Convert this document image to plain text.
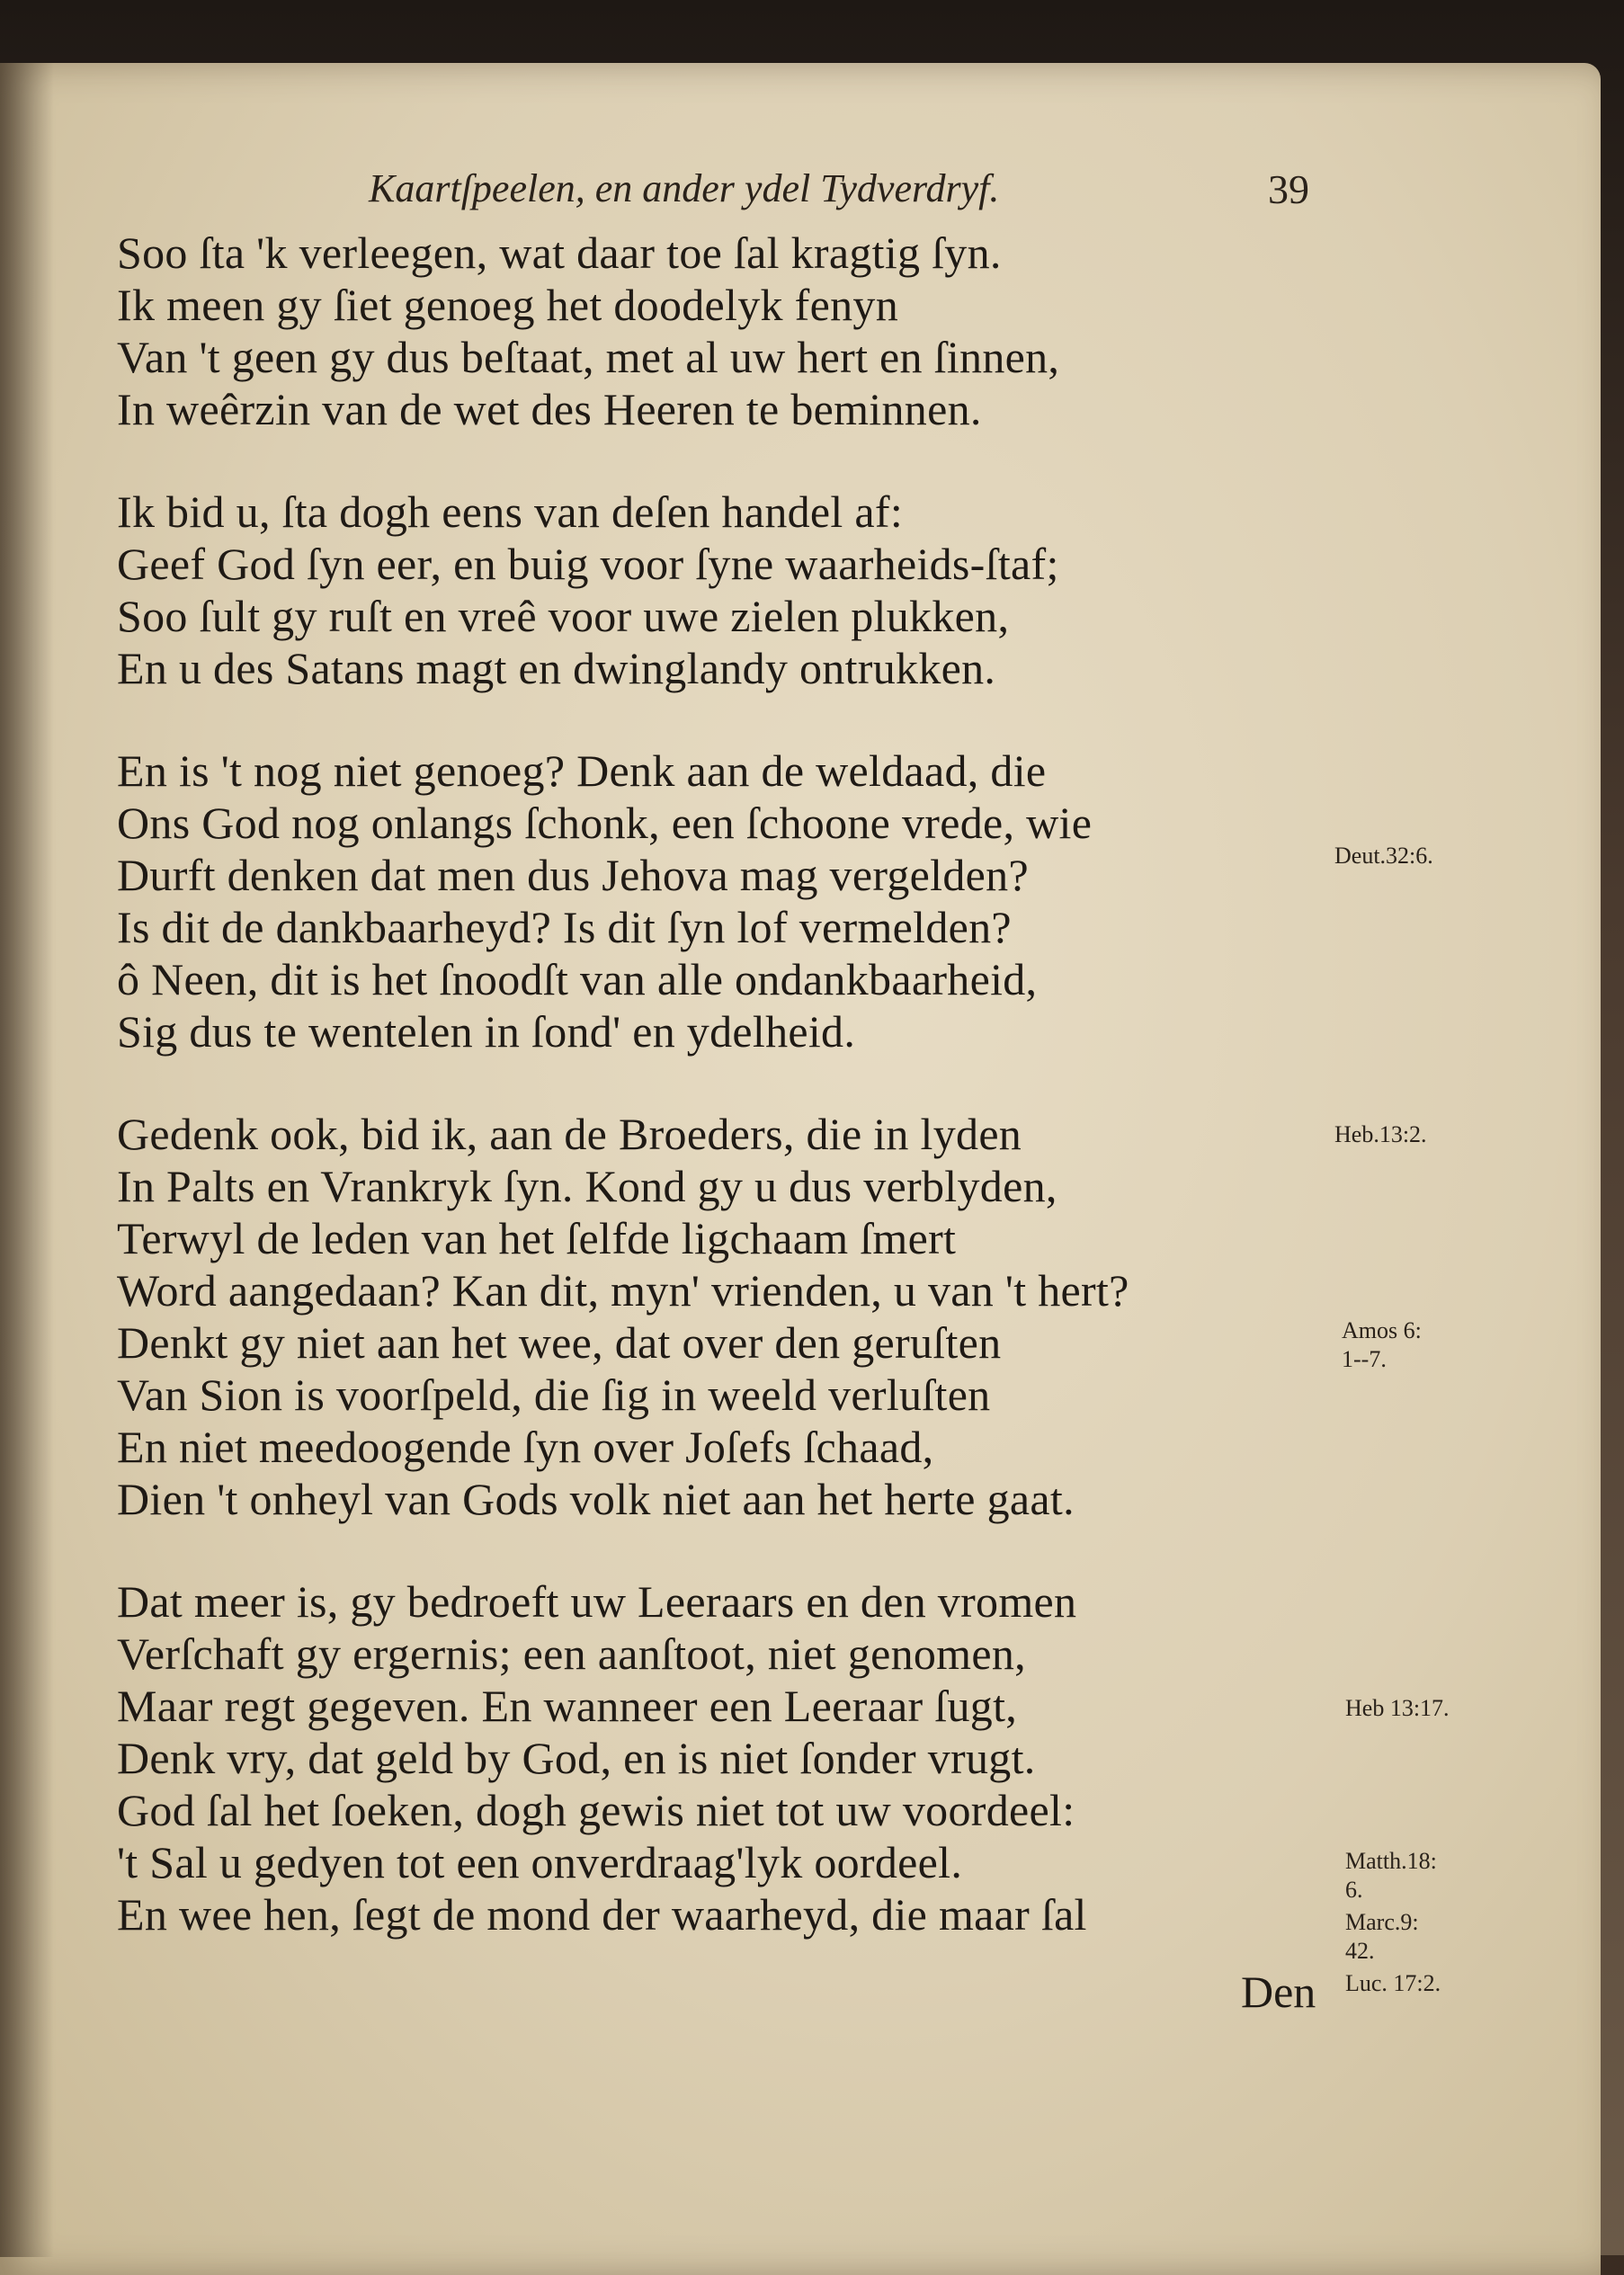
Kaartſpeelen, en ander ydel Tydverdryf.	39
Soo ſta 'k verleegen, wat daar toe ſal kragtig ſyn.
Ik meen gy ſiet genoeg het doodelyk fenyn
Van 't geen gy dus beſtaat, met al uw hert en ſinnen,
In weêrzin van de wet des Heeren te beminnen.
Ik bid u, ſta dogh eens van deſen handel af:
Geef God ſyn eer, en buig voor ſyne waarheids-ſtaf;
Soo ſult gy ruſt en vreê voor uwe zielen plukken,
En u des Satans magt en dwinglandy ontrukken.
En is 't nog niet genoeg? Denk aan de weldaad, die
Ons God nog onlangs ſchonk, een ſchoone vrede, wie
Durft denken dat men dus Jehova mag vergelden?
Is dit de dankbaarheyd? Is dit ſyn lof vermelden?
ô Neen, dit is het ſnoodſt van alle ondankbaarheid,
Sig dus te wentelen in ſond' en ydelheid.
Gedenk ook, bid ik, aan de Broeders, die in lyden
In Palts en Vrankryk ſyn. Kond gy u dus verblyden,
Terwyl de leden van het ſelfde ligchaam ſmert
Word aangedaan? Kan dit, myn' vrienden, u van 't hert?
Denkt gy niet aan het wee, dat over den geruſten
Van Sion is voorſpeld, die ſig in weeld verluſten
En niet meedoogende ſyn over Joſefs ſchaad,
Dien 't onheyl van Gods volk niet aan het herte gaat.
Dat meer is, gy bedroeft uw Leeraars en den vromen
Verſchaft gy ergernis; een aanſtoot, niet genomen,
Maar regt gegeven. En wanneer een Leeraar ſugt,
Denk vry, dat geld by God, en is niet ſonder vrugt.
God ſal het ſoeken, dogh gewis niet tot uw voordeel:
't Sal u gedyen tot een onverdraag'lyk oordeel.
En wee hen, ſegt de mond der waarheyd, die maar ſal
Den
Deut.32:6.
Heb.13:2.
Amos 6:
1--7.
Heb 13:17.
Matth.18:
6.
Marc.9:
42.
Luc. 17:2.
